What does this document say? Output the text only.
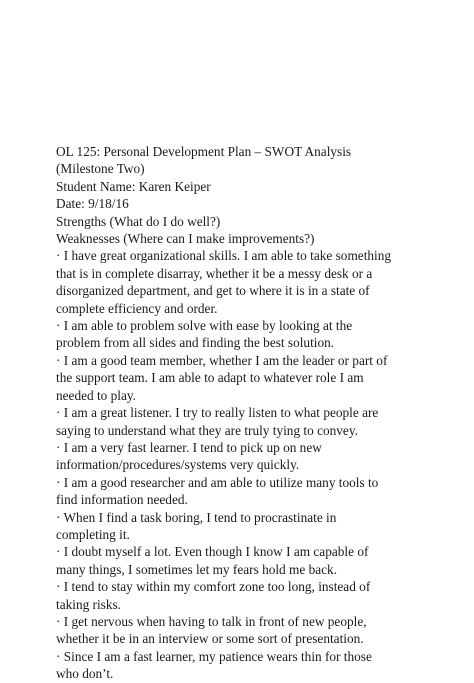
OL 125: Personal Development Plan – SWOT Analysis
(Milestone Two)
Student Name: Karen Keiper
Date: 9/18/16
Strengths (What do I do well?)
Weaknesses (Where can I make improvements?)
· I have great organizational skills. I am able to take something
that is in complete disarray, whether it be a messy desk or a
disorganized department, and get to where it is in a state of
complete efficiency and order.
· I am able to problem solve with ease by looking at the
problem from all sides and finding the best solution.
· I am a good team member, whether I am the leader or part of
the support team. I am able to adapt to whatever role I am
needed to play.
· I am a great listener. I try to really listen to what people are
saying to understand what they are truly tying to convey.
· I am a very fast learner. I tend to pick up on new
information/procedures/systems very quickly.
· I am a good researcher and am able to utilize many tools to
find information needed.
· When I find a task boring, I tend to procrastinate in
completing it.
· I doubt myself a lot. Even though I know I am capable of
many things, I sometimes let my fears hold me back.
· I tend to stay within my comfort zone too long, instead of
taking risks.
· I get nervous when having to talk in front of new people,
whether it be in an interview or some sort of presentation.
· Since I am a fast learner, my patience wears thin for those
who don’t.
